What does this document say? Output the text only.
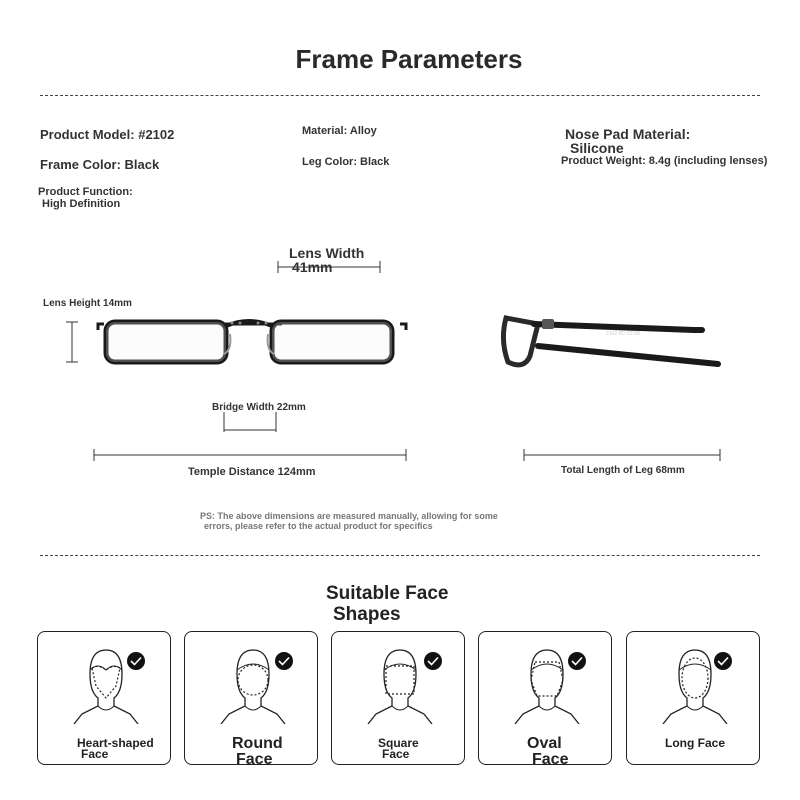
Frame Parameters
Product Model: #2102
Frame Color: Black
Product Function:
High Definition
Material: Alloy
Leg Color: Black
Nose Pad Material:
Silicone
Product Weight: 8.4g (including lenses)
Lens Width
41mm
Lens Height 14mm
2102 41□22-68
Bridge Width 22mm
Temple Distance 124mm	Total Length of Leg 68mm
PS: The above dimensions are measured manually, allowing for some
errors, please refer to the actual product for specifics
Suitable Face
Shapes
Heart-shaped
Face
Round
Face
Square
Face
Oval
Face
Long Face
